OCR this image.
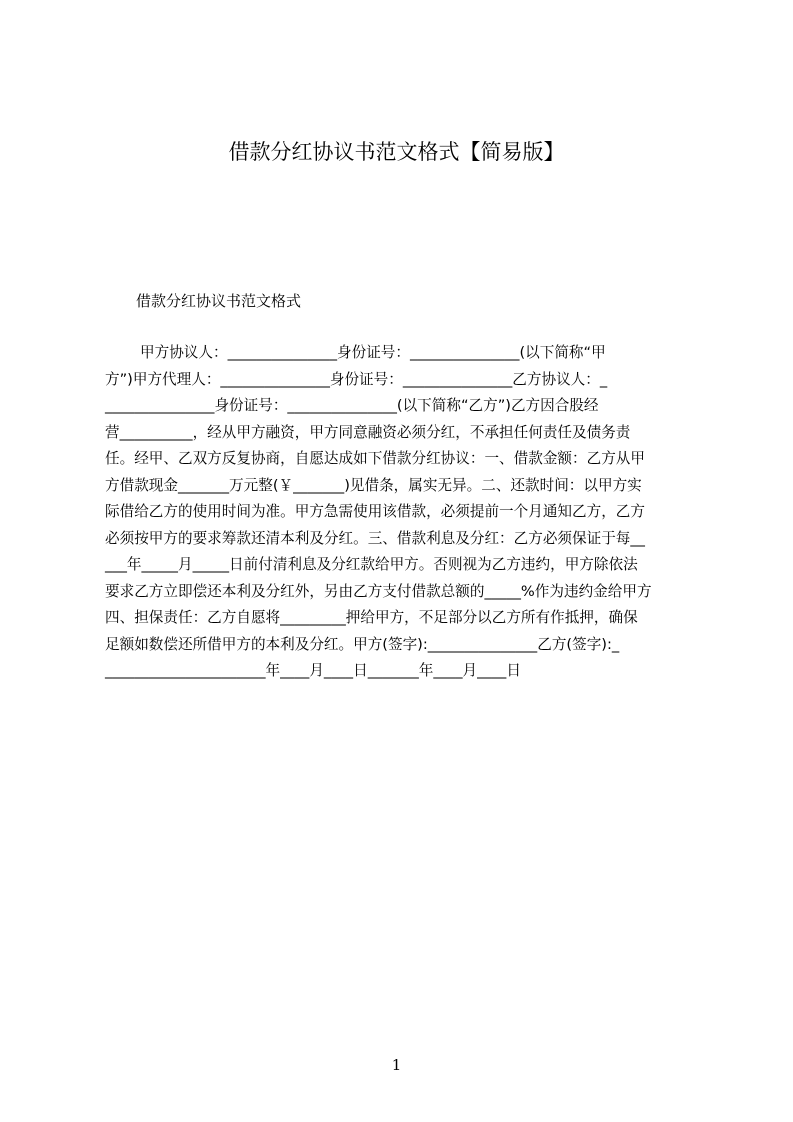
借款分红协议书范文格式【简易版】
借款分红协议书范文格式
甲方协议人：_______________身份证号：_______________(以下简称“甲
方”)甲方代理人：_______________身份证号：_______________乙方协议人：_
_______________身份证号：_______________(以下简称“乙方”)乙方因合股经
营__________，经从甲方融资，甲方同意融资必须分红，不承担任何责任及债务责
任。经甲、乙双方反复协商，自愿达成如下借款分红协议：一、借款金额：乙方从甲
方借款现金_______万元整(￥_______)见借条，属实无异。二、还款时间：以甲方实
际借给乙方的使用时间为准。甲方急需使用该借款，必须提前一个月通知乙方，乙方
必须按甲方的要求筹款还清本利及分红。三、借款利息及分红：乙方必须保证于每__
___年_____月_____日前付清利息及分红款给甲方。否则视为乙方违约，甲方除依法
要求乙方立即偿还本利及分红外，另由乙方支付借款总额的_____%作为违约金给甲方
四、担保责任：乙方自愿将_________押给甲方，不足部分以乙方所有作抵押，确保
足额如数偿还所借甲方的本利及分红。甲方(签字):_______________乙方(签字):_
______________________年____月____日_______年____月____日
1
